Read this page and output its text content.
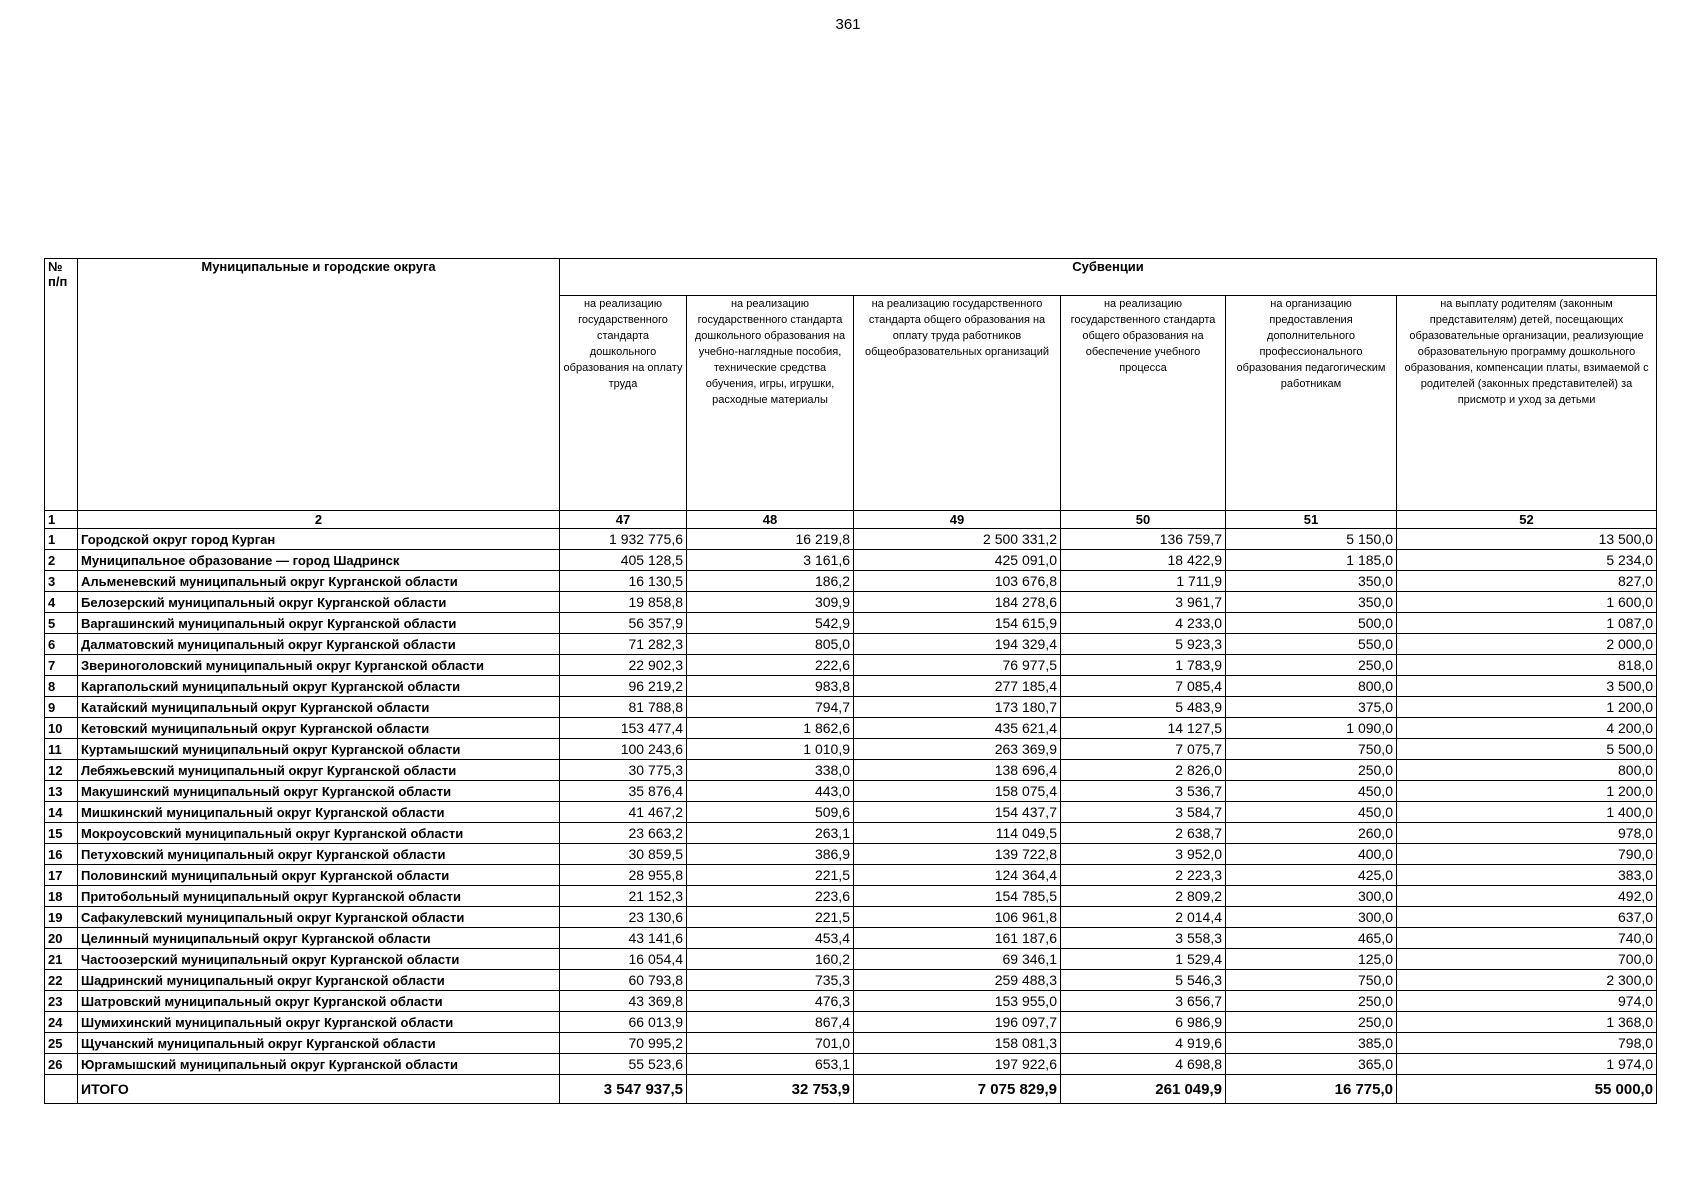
361
№ п/п	Муниципальные и городские округа	Субвенции					
		на реализацию государственного стандарта дошкольного образования на оплату труда	на реализацию государственного стандарта дошкольного образования на учебно-наглядные пособия, технические средства обучения, игры, игрушки, расходные материалы	на реализацию государственного стандарта общего образования на оплату труда работников общеобразовательных организаций	на реализацию государственного стандарта общего образования на обеспечение учебного процесса	на организацию предоставления дополнительного профессионального образования педагогическим работникам	на выплату родителям (законным представителям) детей, посещающих образовательные организации, реализующие образовательную программу дошкольного образования, компенсации платы, взимаемой с родителей (законных представителей) за присмотр и уход за детьми
1	2	47	48	49	50	51	52
1	Городской округ город Курган	1 932 775,6	16 219,8	2 500 331,2	136 759,7	5 150,0	13 500,0
2	Муниципальное образование — город Шадринск	405 128,5	3 161,6	425 091,0	18 422,9	1 185,0	5 234,0
3	Альменевский муниципальный округ Курганской области	16 130,5	186,2	103 676,8	1 711,9	350,0	827,0
4	Белозерский муниципальный округ Курганской области	19 858,8	309,9	184 278,6	3 961,7	350,0	1 600,0
5	Варгашинский муниципальный округ Курганской области	56 357,9	542,9	154 615,9	4 233,0	500,0	1 087,0
6	Далматовский муниципальный округ Курганской области	71 282,3	805,0	194 329,4	5 923,3	550,0	2 000,0
7	Звериноголовский муниципальный округ Курганской области	22 902,3	222,6	76 977,5	1 783,9	250,0	818,0
8	Каргапольский муниципальный округ Курганской области	96 219,2	983,8	277 185,4	7 085,4	800,0	3 500,0
9	Катайский муниципальный округ Курганской области	81 788,8	794,7	173 180,7	5 483,9	375,0	1 200,0
10	Кетовский муниципальный округ Курганской области	153 477,4	1 862,6	435 621,4	14 127,5	1 090,0	4 200,0
11	Куртамышский муниципальный округ Курганской области	100 243,6	1 010,9	263 369,9	7 075,7	750,0	5 500,0
12	Лебяжьевский муниципальный округ Курганской области	30 775,3	338,0	138 696,4	2 826,0	250,0	800,0
13	Макушинский муниципальный округ Курганской области	35 876,4	443,0	158 075,4	3 536,7	450,0	1 200,0
14	Мишкинский муниципальный округ Курганской области	41 467,2	509,6	154 437,7	3 584,7	450,0	1 400,0
15	Мокроусовский муниципальный округ Курганской области	23 663,2	263,1	114 049,5	2 638,7	260,0	978,0
16	Петуховский муниципальный округ Курганской области	30 859,5	386,9	139 722,8	3 952,0	400,0	790,0
17	Половинский муниципальный округ Курганской области	28 955,8	221,5	124 364,4	2 223,3	425,0	383,0
18	Притобольный муниципальный округ Курганской области	21 152,3	223,6	154 785,5	2 809,2	300,0	492,0
19	Сафакулевский муниципальный округ Курганской области	23 130,6	221,5	106 961,8	2 014,4	300,0	637,0
20	Целинный муниципальный округ Курганской области	43 141,6	453,4	161 187,6	3 558,3	465,0	740,0
21	Частоозерский муниципальный округ Курганской области	16 054,4	160,2	69 346,1	1 529,4	125,0	700,0
22	Шадринский муниципальный округ Курганской области	60 793,8	735,3	259 488,3	5 546,3	750,0	2 300,0
23	Шатровский муниципальный округ Курганской области	43 369,8	476,3	153 955,0	3 656,7	250,0	974,0
24	Шумихинский муниципальный округ Курганской области	66 013,9	867,4	196 097,7	6 986,9	250,0	1 368,0
25	Щучанский муниципальный округ Курганской области	70 995,2	701,0	158 081,3	4 919,6	385,0	798,0
26	Юргамышский муниципальный округ Курганской области	55 523,6	653,1	197 922,6	4 698,8	365,0	1 974,0
	ИТОГО	3 547 937,5	32 753,9	7 075 829,9	261 049,9	16 775,0	55 000,0
